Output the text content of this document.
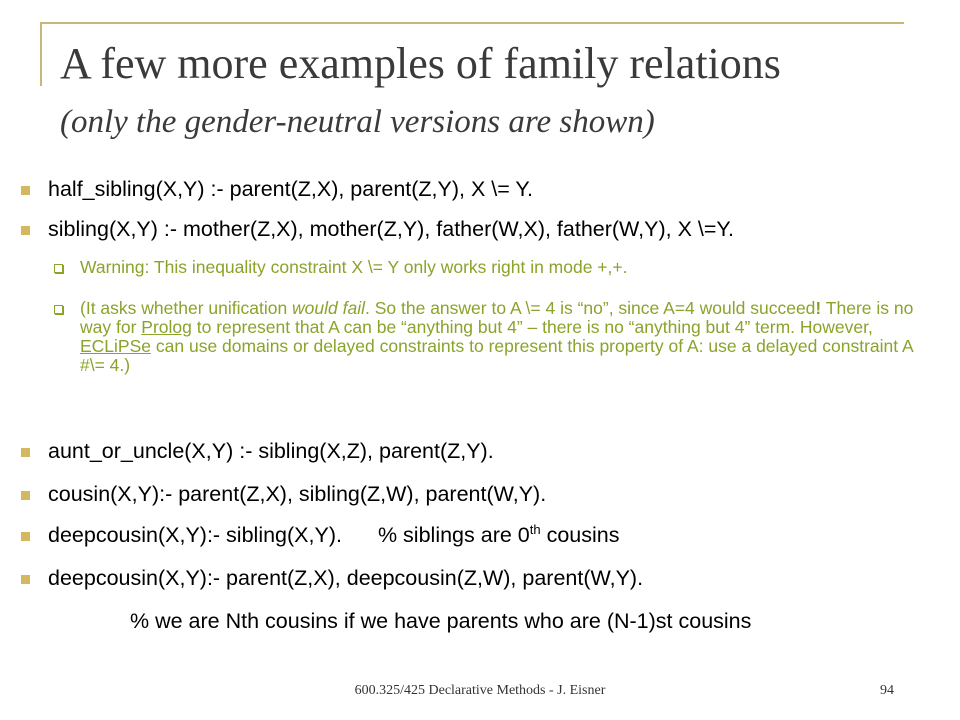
A few more examples of family relations
(only the gender-neutral versions are shown)
half_sibling(X,Y) :- parent(Z,X), parent(Z,Y), X \= Y.
sibling(X,Y) :- mother(Z,X), mother(Z,Y), father(W,X), father(W,Y), X \=Y.
Warning: This inequality constraint X \= Y only works right in mode +,+.
(It asks whether unification would fail. So the answer to A \= 4 is “no”, since A=4 would succeed! There is no way for Prolog to represent that A can be “anything but 4” – there is no “anything but 4” term. However, ECLiPSe can use domains or delayed constraints to represent this property of A: use a delayed constraint A #\= 4.)
aunt_or_uncle(X,Y) :- sibling(X,Z), parent(Z,Y).
cousin(X,Y):- parent(Z,X), sibling(Z,W), parent(W,Y).
deepcousin(X,Y):- sibling(X,Y). % siblings are 0th cousins
deepcousin(X,Y):- parent(Z,X), deepcousin(Z,W), parent(W,Y).
% we are Nth cousins if we have parents who are (N-1)st cousins
600.325/425 Declarative Methods - J. Eisner	94
